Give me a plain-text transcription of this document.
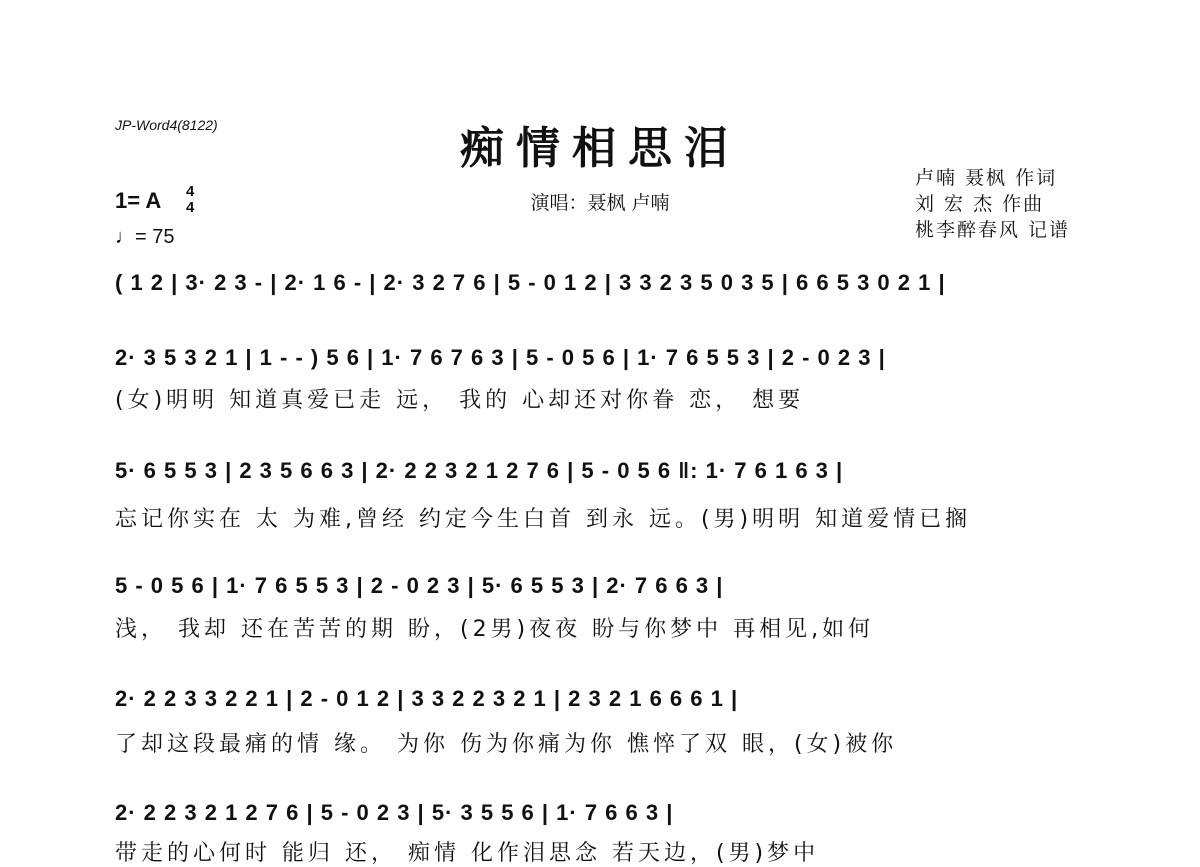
JP-Word4(8122)	痴情相思泪
演唱：聂枫 卢喃
卢喃 聂枫 作词
刘 宏 杰 作曲
桃李醉春风 记谱
1= A 4
4
♩= 75
( 1 2 | 3· 2 3 - | 2· 1 6 - | 2· 3 2 7 6 | 5 - 0 1 2 | 3 3 2 3 5 0 3 5 | 6 6 5 3 0 2 1 |
2· 3 5 3 2 1 | 1 - - ) 5 6 | 1· 7 6 7 6 3 | 5 - 0 5 6 | 1· 7 6 5 5 3 | 2 - 0 2 3 |
(女)明明 知道真爱已走 远， 我的 心却还对你眷 恋， 想要
5· 6 5 5 3 | 2 3 5 6 6 3 | 2· 2 2 3 2 1 2 7 6 | 5 - 0 5 6 ‖: 1· 7 6 1 6 3 |
忘记你实在 太 为难,曾经 约定今生白首 到永 远。(男)明明 知道爱情已搁
5 - 0 5 6 | 1· 7 6 5 5 3 | 2 - 0 2 3 | 5· 6 5 5 3 | 2· 7 6 6 3 |
浅， 我却 还在苦苦的期 盼，(2男)夜夜 盼与你梦中 再相见,如何
2· 2 2 3 3 2 2 1 | 2 - 0 1 2 | 3 3 2 2 3 2 1 | 2 3 2 1 6 6 6 1 |
了却这段最痛的情 缘。 为你 伤为你痛为你 憔悴了双 眼，(女)被你
2· 2 2 3 2 1 2 7 6 | 5 - 0 2 3 | 5· 3 5 5 6 | 1· 7 6 6 3 |
带走的心何时 能归 还， 痴情 化作泪思念 若天边，(男)梦中
